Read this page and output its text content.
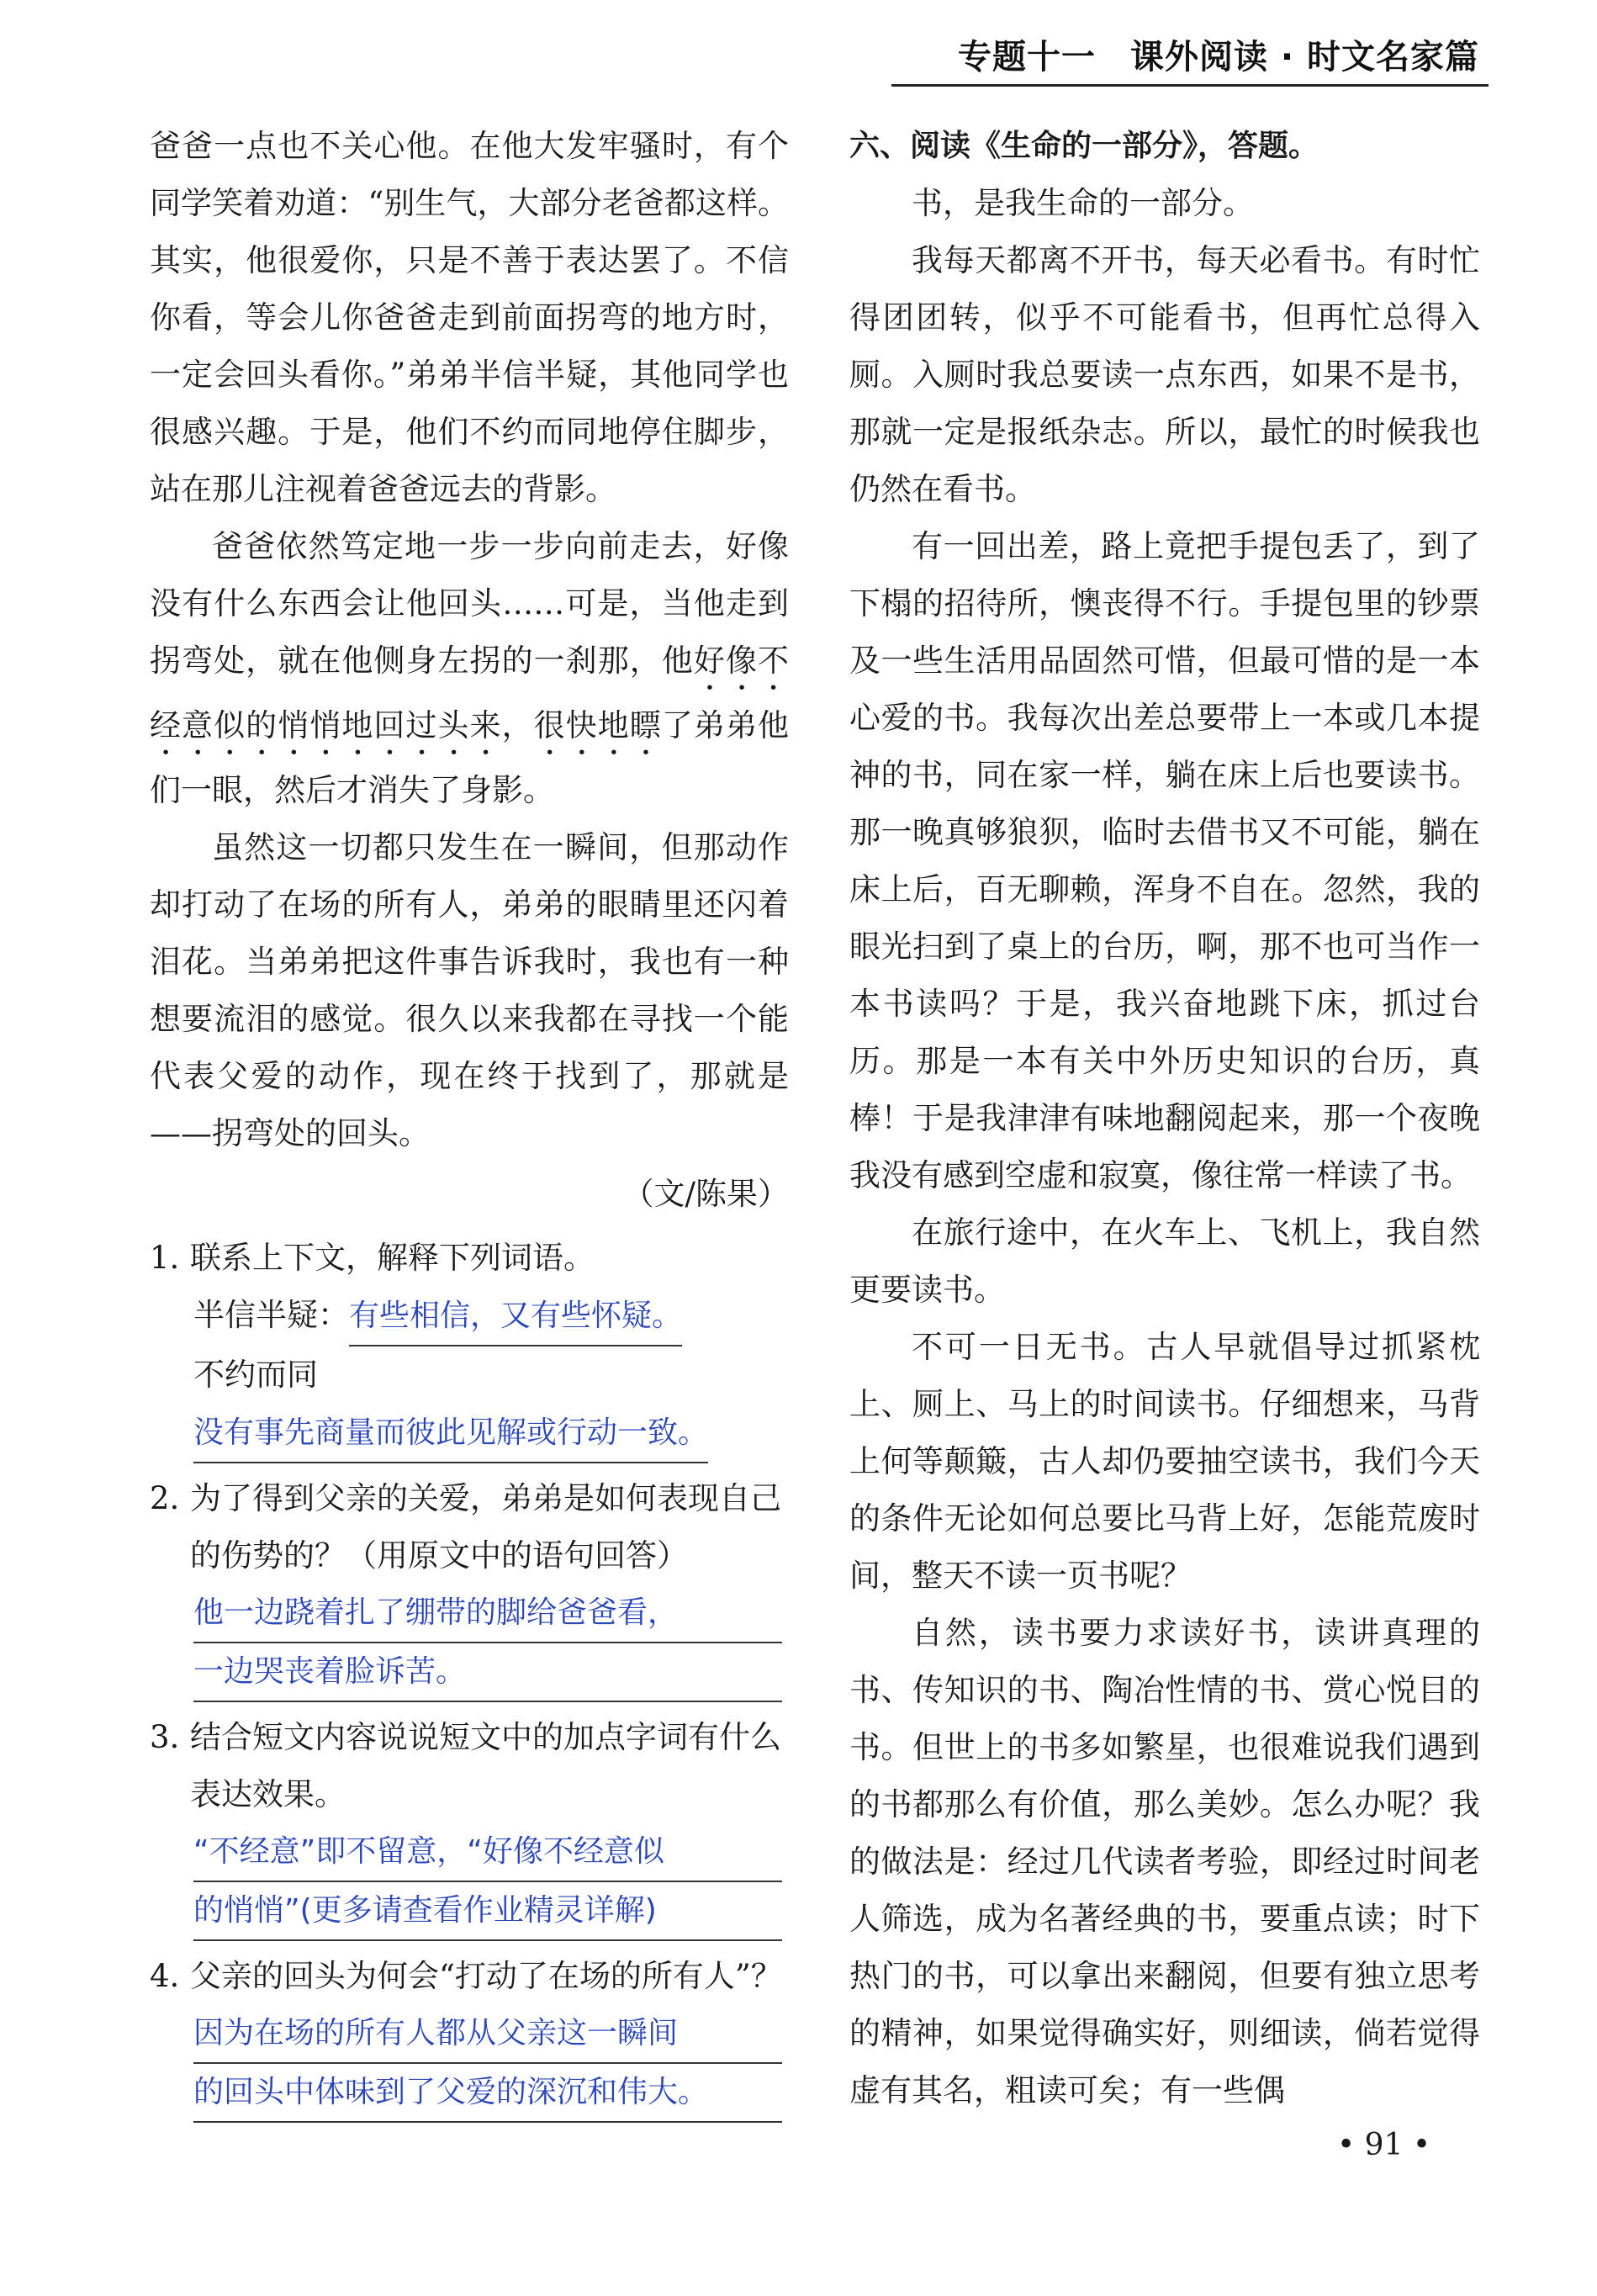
专题十一　课外阅读 · 时文名家篇

爸爸一点也不关心他。在他大发牢骚时，有个同学笑着劝道：“别生气，大部分老爸都这样。其实，他很爱你，只是不善于表达罢了。不信你看，等会儿你爸爸走到前面拐弯的地方时，一定会回头看你。”弟弟半信半疑，其他同学也很感兴趣。于是，他们不约而同地停住脚步，站在那儿注视着爸爸远去的背影。

爸爸依然笃定地一步一步向前走去，好像没有什么东西会让他回头……可是，当他走到拐弯处，就在他侧身左拐的一刹那，他好像不经意似的悄悄地回过头来，很快地瞟了弟弟他们一眼，然后才消失了身影。

虽然这一切都只发生在一瞬间，但那动作却打动了在场的所有人，弟弟的眼睛里还闪着泪花。当弟弟把这件事告诉我时，我也有一种想要流泪的感觉。很久以来我都在寻找一个能代表父爱的动作，现在终于找到了，那就是——拐弯处的回头。

（文/陈果）

1. 联系上下文，解释下列词语。
半信半疑：有些相信，又有些怀疑。
不约而同没有事先商量而彼此见解或行动一致。
2. 为了得到父亲的关爱，弟弟是如何表现自己的伤势的？（用原文中的语句回答）
他一边跷着扎了绷带的脚给爸爸看，
一边哭丧着脸诉苦。
3. 结合短文内容说说短文中的加点字词有什么表达效果。
“不经意”即不留意，“好像不经意似
的悄悄”(更多请查看作业精灵详解)
4. 父亲的回头为何会“打动了在场的所有人”？
因为在场的所有人都从父亲这一瞬间
的回头中体味到了父爱的深沉和伟大。

六、阅读《生命的一部分》，答题。

书，是我生命的一部分。

我每天都离不开书，每天必看书。有时忙得团团转，似乎不可能看书，但再忙总得入厕。入厕时我总要读一点东西，如果不是书，那就一定是报纸杂志。所以，最忙的时候我也仍然在看书。

有一回出差，路上竟把手提包丢了，到了下榻的招待所，懊丧得不行。手提包里的钞票及一些生活用品固然可惜，但最可惜的是一本心爱的书。我每次出差总要带上一本或几本提神的书，同在家一样，躺在床上后也要读书。那一晚真够狼狈，临时去借书又不可能，躺在床上后，百无聊赖，浑身不自在。忽然，我的眼光扫到了桌上的台历，啊，那不也可当作一本书读吗？于是，我兴奋地跳下床，抓过台历。那是一本有关中外历史知识的台历，真棒！于是我津津有味地翻阅起来，那一个夜晚我没有感到空虚和寂寞，像往常一样读了书。

在旅行途中，在火车上、飞机上，我自然更要读书。

不可一日无书。古人早就倡导过抓紧枕上、厕上、马上的时间读书。仔细想来，马背上何等颠簸，古人却仍要抽空读书，我们今天的条件无论如何总要比马背上好，怎能荒废时间，整天不读一页书呢？

自然，读书要力求读好书，读讲真理的书、传知识的书、陶冶性情的书、赏心悦目的书。但世上的书多如繁星，也很难说我们遇到的书都那么有价值，那么美妙。怎么办呢？我的做法是：经过几代读者考验，即经过时间老人筛选，成为名著经典的书，要重点读；时下热门的书，可以拿出来翻阅，但要有独立思考的精神，如果觉得确实好，则细读，倘若觉得虚有其名，粗读可矣；有一些偶

• 91 •
